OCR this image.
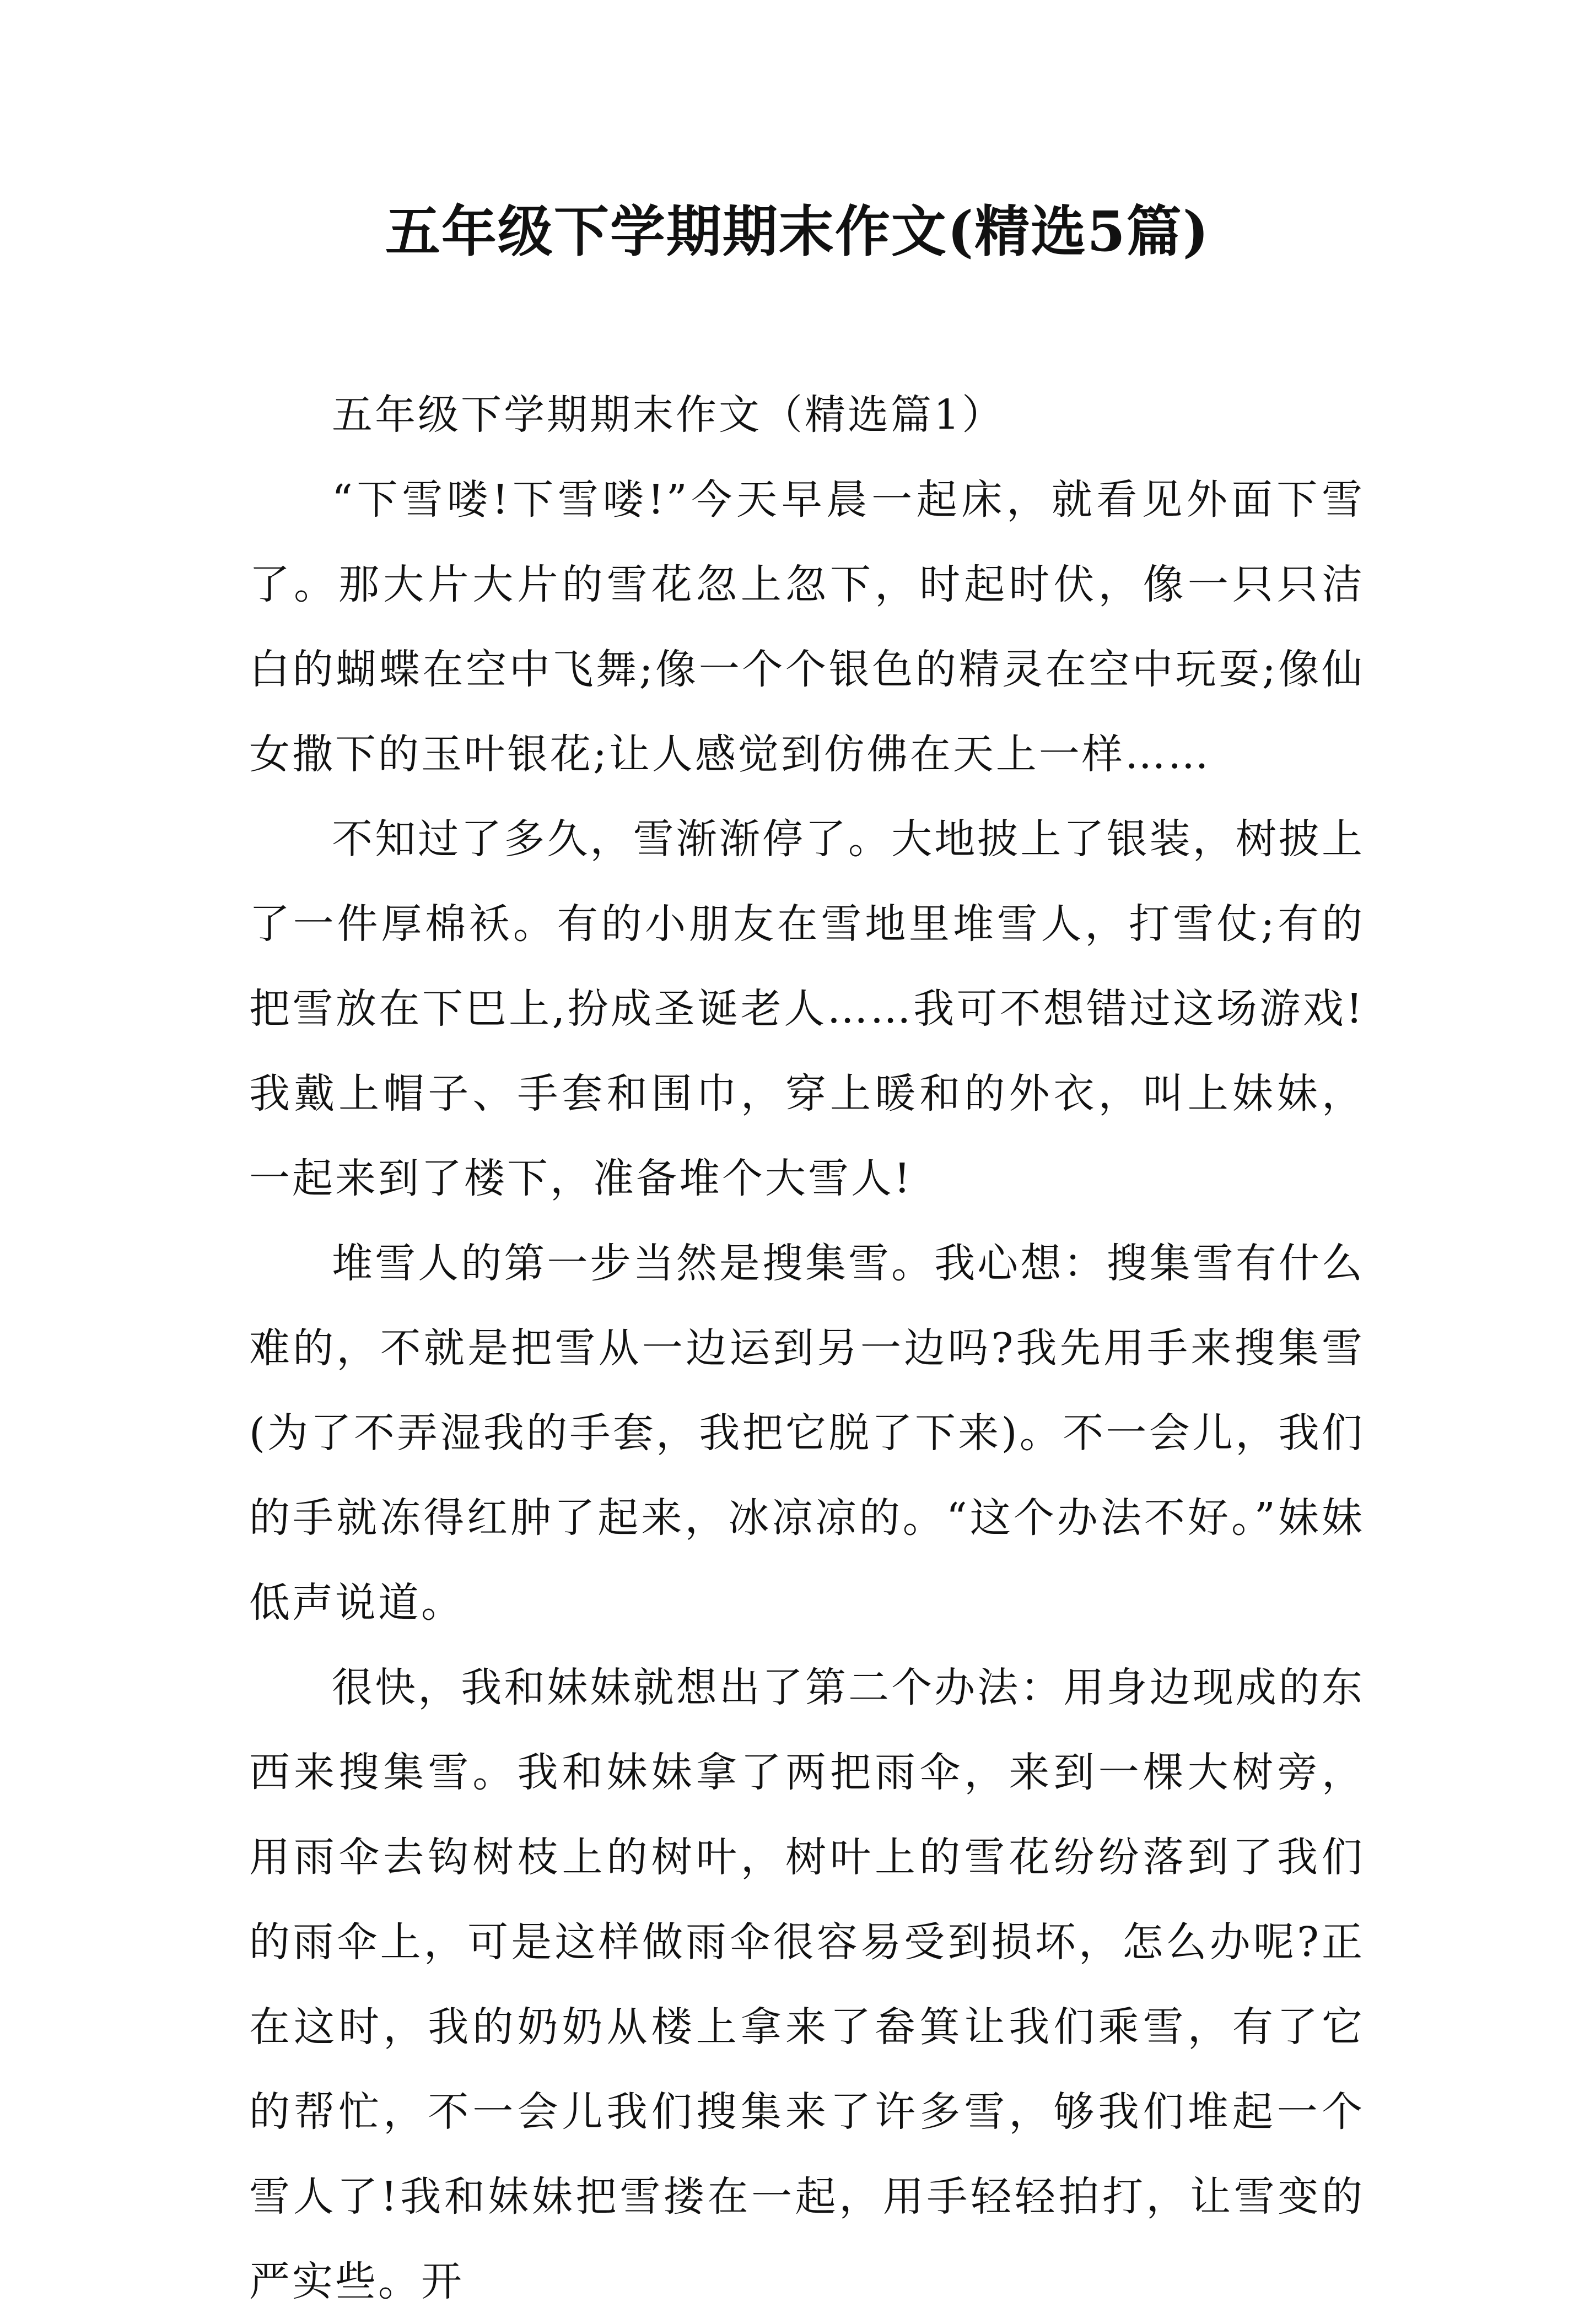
五年级下学期期末作文(精选5篇)

五年级下学期期末作文（精选篇1）

“下雪喽!下雪喽!”今天早晨一起床，就看见外面下雪了。那大片大片的雪花忽上忽下，时起时伏，像一只只洁白的蝴蝶在空中飞舞;像一个个银色的精灵在空中玩耍;像仙女撒下的玉叶银花;让人感觉到仿佛在天上一样……

不知过了多久，雪渐渐停了。大地披上了银装，树披上了一件厚棉袄。有的小朋友在雪地里堆雪人，打雪仗;有的把雪放在下巴上,扮成圣诞老人……我可不想错过这场游戏!我戴上帽子、手套和围巾，穿上暖和的外衣，叫上妹妹，一起来到了楼下，准备堆个大雪人!

堆雪人的第一步当然是搜集雪。我心想：搜集雪有什么难的，不就是把雪从一边运到另一边吗?我先用手来搜集雪(为了不弄湿我的手套，我把它脱了下来)。不一会儿，我们的手就冻得红肿了起来，冰凉凉的。“这个办法不好。”妹妹低声说道。

很快，我和妹妹就想出了第二个办法：用身边现成的东西来搜集雪。我和妹妹拿了两把雨伞，来到一棵大树旁，用雨伞去钩树枝上的树叶，树叶上的雪花纷纷落到了我们的雨伞上，可是这样做雨伞很容易受到损坏，怎么办呢?正在这时，我的奶奶从楼上拿来了畚箕让我们乘雪，有了它的帮忙，不一会儿我们搜集来了许多雪，够我们堆起一个雪人了!我和妹妹把雪搂在一起，用手轻轻拍打，让雪变的严实些。开
